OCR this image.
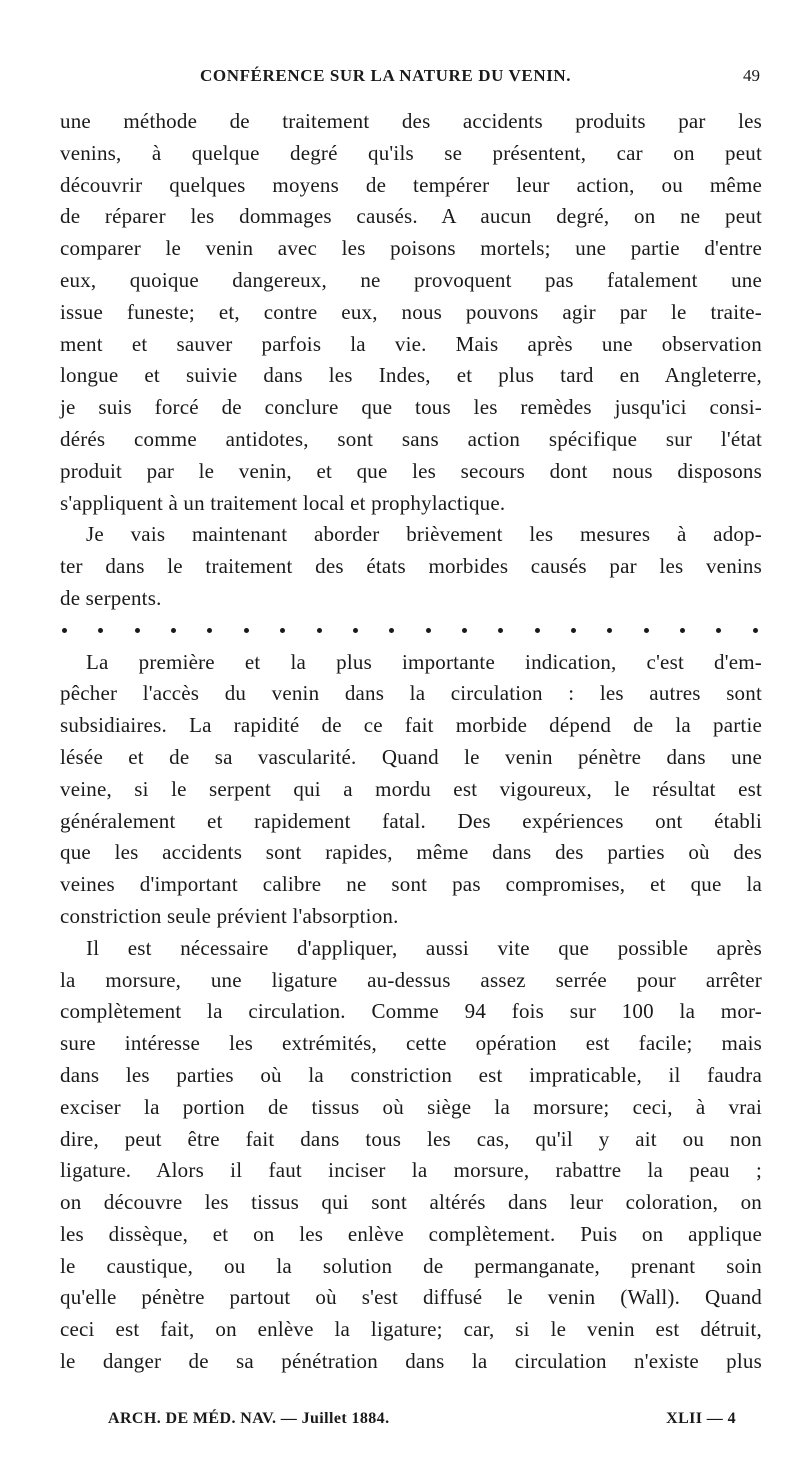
CONFÉRENCE SUR LA NATURE DU VENIN.	49
une méthode de traitement des accidents produits par les
venins, à quelque degré qu'ils se présentent, car on peut
découvrir quelques moyens de tempérer leur action, ou même
de réparer les dommages causés. A aucun degré, on ne peut
comparer le venin avec les poisons mortels; une partie d'entre
eux, quoique dangereux, ne provoquent pas fatalement une
issue funeste; et, contre eux, nous pouvons agir par le traite-
ment et sauver parfois la vie. Mais après une observation
longue et suivie dans les Indes, et plus tard en Angleterre,
je suis forcé de conclure que tous les remèdes jusqu'ici consi-
dérés comme antidotes, sont sans action spécifique sur l'état
produit par le venin, et que les secours dont nous disposons
s'appliquent à un traitement local et prophylactique.
Je vais maintenant aborder brièvement les mesures à adop-
ter dans le traitement des états morbides causés par les venins
de serpents.
La première et la plus importante indication, c'est d'em-
pêcher l'accès du venin dans la circulation : les autres sont
subsidiaires. La rapidité de ce fait morbide dépend de la partie
lésée et de sa vascularité. Quand le venin pénètre dans une
veine, si le serpent qui a mordu est vigoureux, le résultat est
généralement et rapidement fatal. Des expériences ont établi
que les accidents sont rapides, même dans des parties où des
veines d'important calibre ne sont pas compromises, et que la
constriction seule prévient l'absorption.
Il est nécessaire d'appliquer, aussi vite que possible après
la morsure, une ligature au-dessus assez serrée pour arrêter
complètement la circulation. Comme 94 fois sur 100 la mor-
sure intéresse les extrémités, cette opération est facile; mais
dans les parties où la constriction est impraticable, il faudra
exciser la portion de tissus où siège la morsure; ceci, à vrai
dire, peut être fait dans tous les cas, qu'il y ait ou non
ligature. Alors il faut inciser la morsure, rabattre la peau ;
on découvre les tissus qui sont altérés dans leur coloration, on
les dissèque, et on les enlève complètement. Puis on applique
le caustique, ou la solution de permanganate, prenant soin
qu'elle pénètre partout où s'est diffusé le venin (Wall). Quand
ceci est fait, on enlève la ligature; car, si le venin est détruit,
le danger de sa pénétration dans la circulation n'existe plus
ARCH. DE MÉD. NAV. — Juillet 1884.	XLII — 4
